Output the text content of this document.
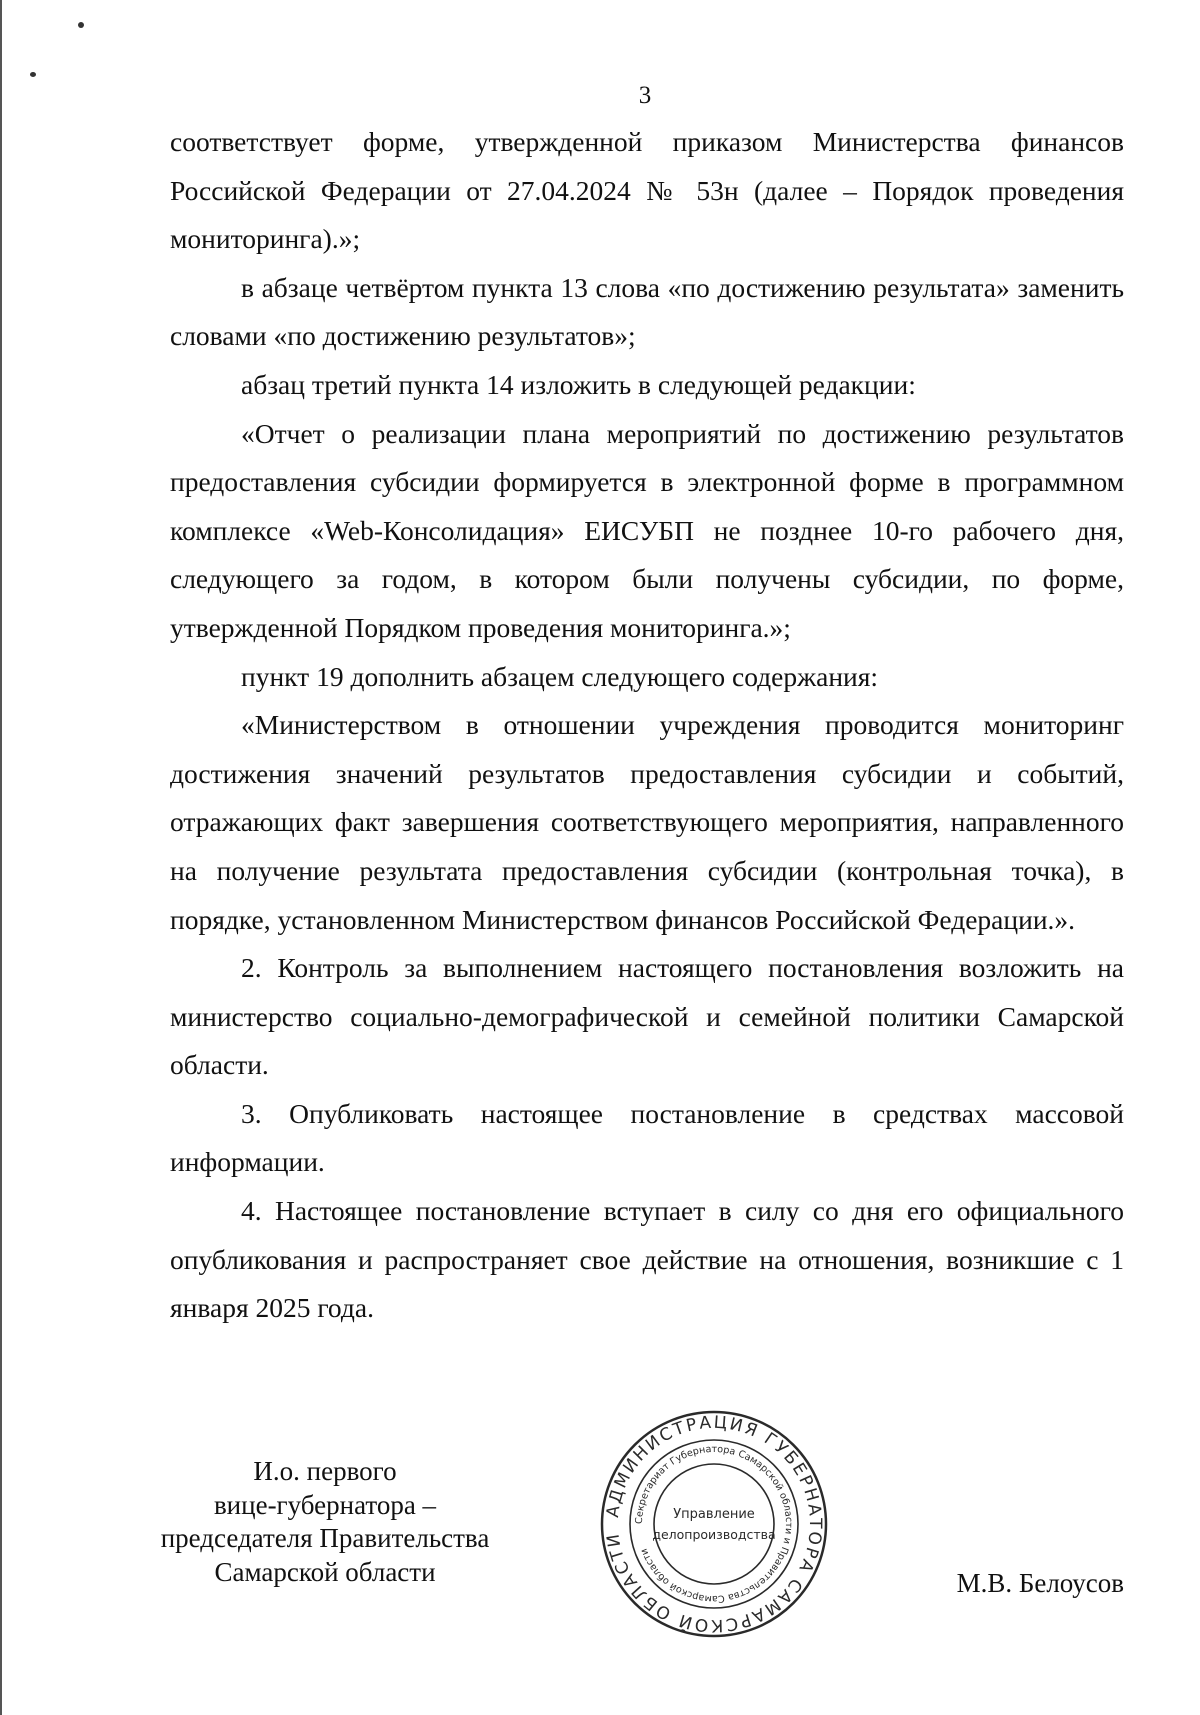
3

соответствует форме, утвержденной приказом Министерства финансов Российской Федерации от 27.04.2024 № 53н (далее – Порядок проведения мониторинга).»;

в абзаце четвёртом пункта 13 слова «по достижению результата» заменить словами «по достижению результатов»;

абзац третий пункта 14 изложить в следующей редакции:

«Отчет о реализации плана мероприятий по достижению результатов предоставления субсидии формируется в электронной форме в программном комплексе «Web-Консолидация» ЕИСУБП не позднее 10-го рабочего дня, следующего за годом, в котором были получены субсидии, по форме, утвержденной Порядком проведения мониторинга.»;

пункт 19 дополнить абзацем следующего содержания:

«Министерством в отношении учреждения проводится мониторинг достижения значений результатов предоставления субсидии и событий, отражающих факт завершения соответствующего мероприятия, направленного на получение результата предоставления субсидии (контрольная точка), в порядке, установленном Министерством финансов Российской Федерации.».

2. Контроль за выполнением настоящего постановления возложить на министерство социально-демографической и семейной политики Самарской области.

3. Опубликовать настоящее постановление в средствах массовой информации.

4. Настоящее постановление вступает в силу со дня его официального опубликования и распространяет свое действие на отношения, возникшие с 1 января 2025 года.

И.о. первого
вице-губернатора –
председателя Правительства
Самарской области
АДМИНИСТРАЦИЯ ГУБЕРНАТОРА САМАРСКОЙ ОБЛАСТИ
Секретариат Губернатора Самарской области и Правительства Самарской области
Управление
делопроизводства
М.В. Белоусов
